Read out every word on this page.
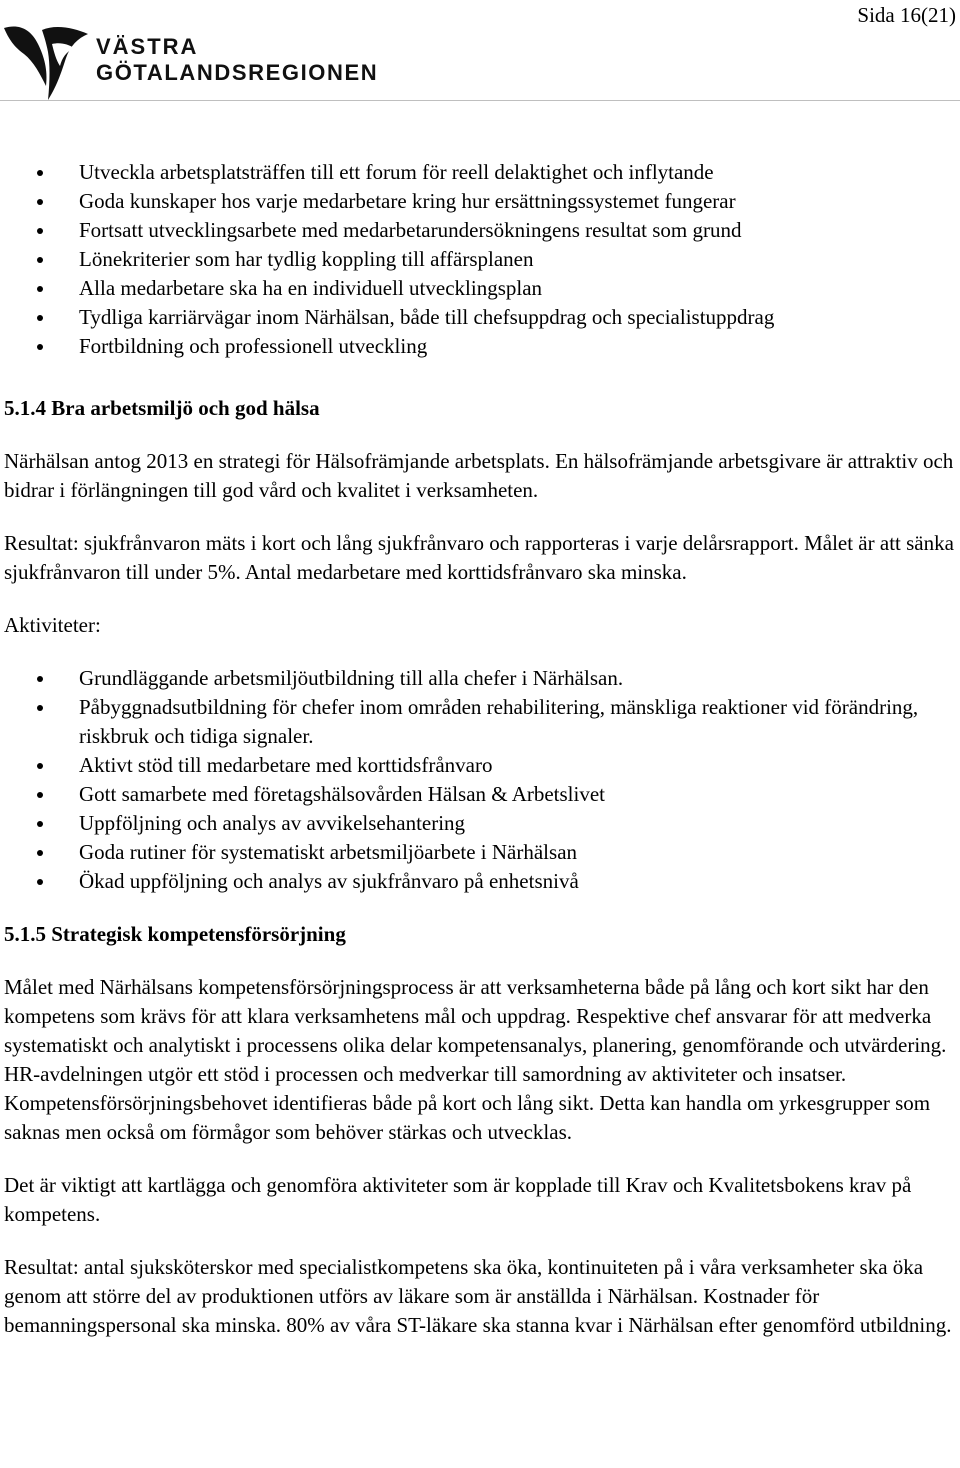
Sida 16(21)
VÄSTRA
GÖTALANDSREGIONEN
Utveckla arbetsplatsträffen till ett forum för reell delaktighet och inflytande
Goda kunskaper hos varje medarbetare kring hur ersättningssystemet fungerar
Fortsatt utvecklingsarbete med medarbetarundersökningens resultat som grund
Lönekriterier som har tydlig koppling till affärsplanen
Alla medarbetare ska ha en individuell utvecklingsplan
Tydliga karriärvägar inom Närhälsan, både till chefsuppdrag och specialistuppdrag
Fortbildning och professionell utveckling
5.1.4 Bra arbetsmiljö och god hälsa

Närhälsan antog 2013 en strategi för Hälsofrämjande arbetsplats. En hälsofrämjande arbetsgivare är attraktiv och bidrar i förlängningen till god vård och kvalitet i verksamheten.

Resultat: sjukfrånvaron mäts i kort och lång sjukfrånvaro och rapporteras i varje delårsrapport. Målet är att sänka sjukfrånvaron till under 5%. Antal medarbetare med korttidsfrånvaro ska minska.

Aktiviteter:

Grundläggande arbetsmiljöutbildning till alla chefer i Närhälsan.
Påbyggnadsutbildning för chefer inom områden rehabilitering, mänskliga reaktioner vid förändring, riskbruk och tidiga signaler.
Aktivt stöd till medarbetare med korttidsfrånvaro
Gott samarbete med företagshälsovården Hälsan & Arbetslivet
Uppföljning och analys av avvikelsehantering
Goda rutiner för systematiskt arbetsmiljöarbete i Närhälsan
Ökad uppföljning och analys av sjukfrånvaro på enhetsnivå
5.1.5 Strategisk kompetensförsörjning

Målet med Närhälsans kompetensförsörjningsprocess är att verksamheterna både på lång och kort sikt har den kompetens som krävs för att klara verksamhetens mål och uppdrag. Respektive chef ansvarar för att medverka systematiskt och analytiskt i processens olika delar kompetensanalys, planering, genomförande och utvärdering. HR-avdelningen utgör ett stöd i processen och medverkar till samordning av aktiviteter och insatser. Kompetensförsörjningsbehovet identifieras både på kort och lång sikt. Detta kan handla om yrkesgrupper som saknas men också om förmågor som behöver stärkas och utvecklas.

Det är viktigt att kartlägga och genomföra aktiviteter som är kopplade till Krav och Kvalitetsbokens krav på kompetens.

Resultat: antal sjuksköterskor med specialistkompetens ska öka, kontinuiteten på i våra verksamheter ska öka genom att större del av produktionen utförs av läkare som är anställda i Närhälsan. Kostnader för bemanningspersonal ska minska. 80% av våra ST-läkare ska stanna kvar i Närhälsan efter genomförd utbildning.
